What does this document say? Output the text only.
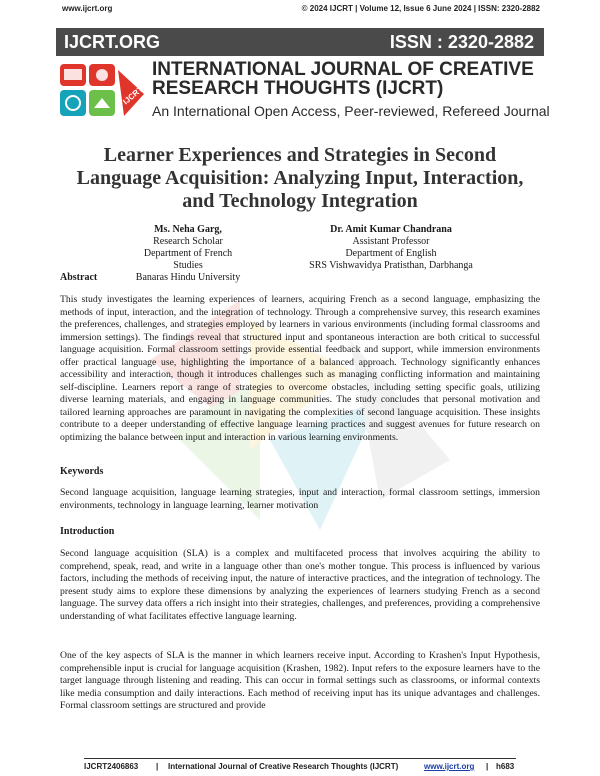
www.ijcrt.org	© 2024 IJCRT | Volume 12, Issue 6 June 2024 | ISSN: 2320-2882
IJCRT.ORG	ISSN : 2320-2882
IJCRT
INTERNATIONAL JOURNAL OF CREATIVE RESEARCH THOUGHTS (IJCRT)
An International Open Access, Peer-reviewed, Refereed Journal
Learner Experiences and Strategies in Second Language Acquisition: Analyzing Input, Interaction, and Technology Integration
Ms. Neha Garg,
Research Scholar
Department of French Studies
Banaras Hindu University
Dr. Amit Kumar Chandrana
Assistant Professor
Department of English
SRS Vishwavidya Pratisthan, Darbhanga
Abstract
This study investigates the learning experiences of learners, acquiring French as a second language, emphasizing the methods of input, interaction, and the integration of technology. Through a comprehensive survey, this research examines the preferences, challenges, and strategies employed by learners in various environments (including formal classrooms and immersion settings). The findings reveal that structured input and spontaneous interaction are both critical to successful language acquisition. Formal classroom settings provide essential feedback and support, while immersion environments offer practical language use, highlighting the importance of a balanced approach. Technology significantly enhances accessibility and interaction, though it introduces challenges such as managing conflicting information and maintaining self-discipline. Learners report a range of strategies to overcome obstacles, including setting specific goals, utilizing diverse learning materials, and engaging in language communities. The study concludes that personal motivation and tailored learning approaches are paramount in navigating the complexities of second language acquisition. These insights contribute to a deeper understanding of effective language learning practices and suggest avenues for future research on optimizing the balance between input and interaction in various learning environments.
Keywords
Second language acquisition, language learning strategies, input and interaction, formal classroom settings, immersion environments, technology in language learning, learner motivation
Introduction
Second language acquisition (SLA) is a complex and multifaceted process that involves acquiring the ability to comprehend, speak, read, and write in a language other than one's mother tongue. This process is influenced by various factors, including the methods of receiving input, the nature of interactive practices, and the integration of technology. The present study aims to explore these dimensions by analyzing the experiences of learners studying French as a second language. The survey data offers a rich insight into their strategies, challenges, and preferences, providing a comprehensive understanding of what facilitates effective language learning.
One of the key aspects of SLA is the manner in which learners receive input. According to Krashen's Input Hypothesis, comprehensible input is crucial for language acquisition (Krashen, 1982). Input refers to the exposure learners have to the target language through listening and reading. This can occur in formal settings such as classrooms, or informal contexts like media consumption and daily interactions. Each method of receiving input has its unique advantages and challenges. Formal classroom settings are structured and provide
IJCRT2406863 | International Journal of Creative Research Thoughts (IJCRT)	www.ijcrt.org | h683
